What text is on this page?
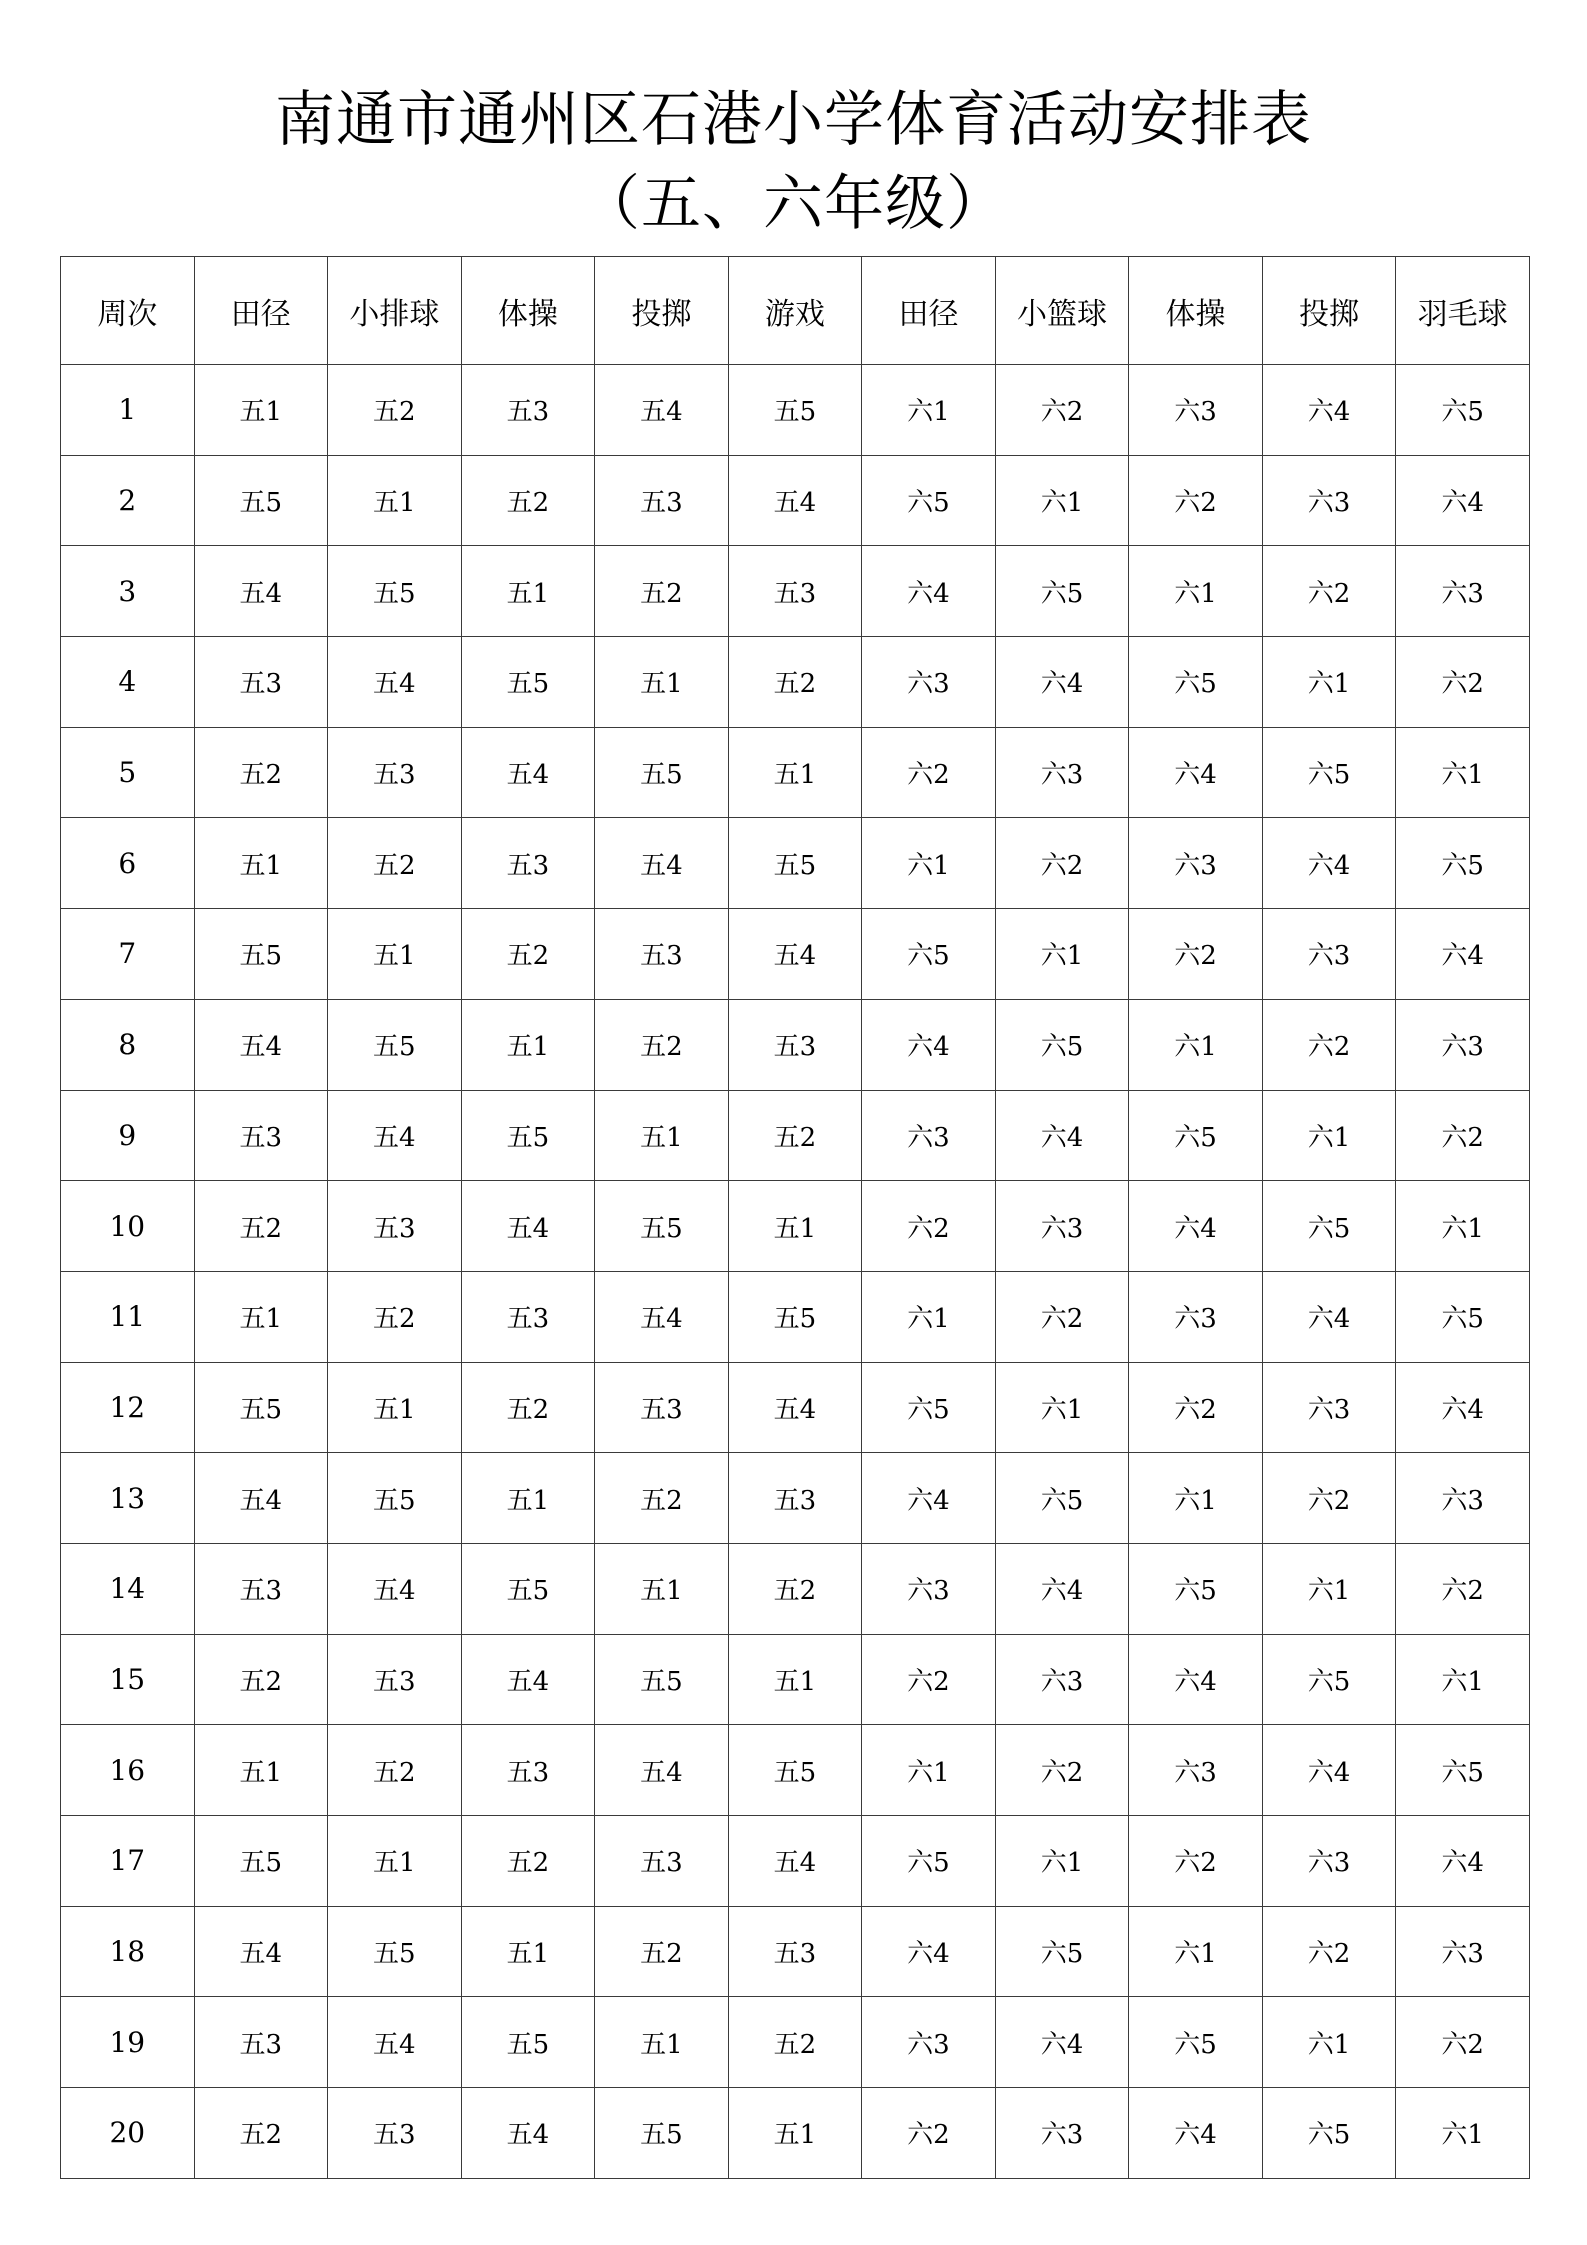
南通市通州区石港小学体育活动安排表
（五、六年级）
周次	田径	小排球	体操	投掷	游戏	田径	小篮球	体操	投掷	羽毛球
1	五1	五2	五3	五4	五5	六1	六2	六3	六4	六5
2	五5	五1	五2	五3	五4	六5	六1	六2	六3	六4
3	五4	五5	五1	五2	五3	六4	六5	六1	六2	六3
4	五3	五4	五5	五1	五2	六3	六4	六5	六1	六2
5	五2	五3	五4	五5	五1	六2	六3	六4	六5	六1
6	五1	五2	五3	五4	五5	六1	六2	六3	六4	六5
7	五5	五1	五2	五3	五4	六5	六1	六2	六3	六4
8	五4	五5	五1	五2	五3	六4	六5	六1	六2	六3
9	五3	五4	五5	五1	五2	六3	六4	六5	六1	六2
10	五2	五3	五4	五5	五1	六2	六3	六4	六5	六1
11	五1	五2	五3	五4	五5	六1	六2	六3	六4	六5
12	五5	五1	五2	五3	五4	六5	六1	六2	六3	六4
13	五4	五5	五1	五2	五3	六4	六5	六1	六2	六3
14	五3	五4	五5	五1	五2	六3	六4	六5	六1	六2
15	五2	五3	五4	五5	五1	六2	六3	六4	六5	六1
16	五1	五2	五3	五4	五5	六1	六2	六3	六4	六5
17	五5	五1	五2	五3	五4	六5	六1	六2	六3	六4
18	五4	五5	五1	五2	五3	六4	六5	六1	六2	六3
19	五3	五4	五5	五1	五2	六3	六4	六5	六1	六2
20	五2	五3	五4	五5	五1	六2	六3	六4	六5	六1
